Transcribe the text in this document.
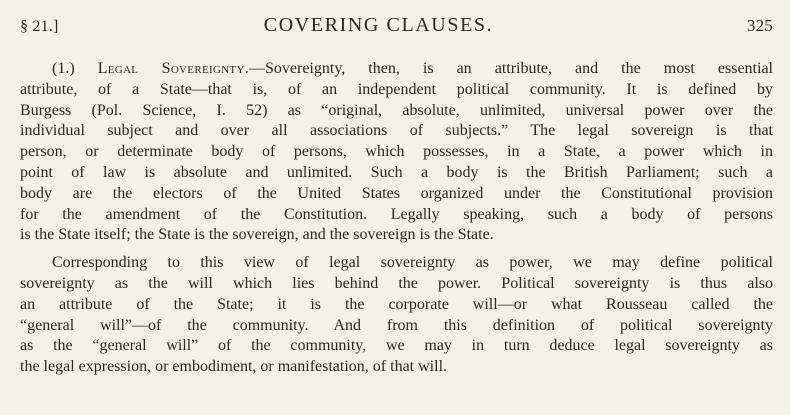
§ 21.]	COVERING CLAUSES.	325

(1.) Legal Sovereignty.—Sovereignty, then, is an attribute, and the most essential
attribute, of a State—that is, of an independent political community. It is defined by
Burgess (Pol. Science, I. 52) as “original, absolute, unlimited, universal power over the
individual subject and over all associations of subjects.” The legal sovereign is that
person, or determinate body of persons, which possesses, in a State, a power which in
point of law is absolute and unlimited. Such a body is the British Parliament; such a
body are the electors of the United States organized under the Constitutional provision
for the amendment of the Constitution. Legally speaking, such a body of persons
is the State itself; the State is the sovereign, and the sovereign is the State.

Corresponding to this view of legal sovereignty as power, we may define political
sovereignty as the will which lies behind the power. Political sovereignty is thus also
an attribute of the State; it is the corporate will—or what Rousseau called the
“general will”—of the community. And from this definition of political sovereignty
as the “general will” of the community, we may in turn deduce legal sovereignty as
the legal expression, or embodiment, or manifestation, of that will.
